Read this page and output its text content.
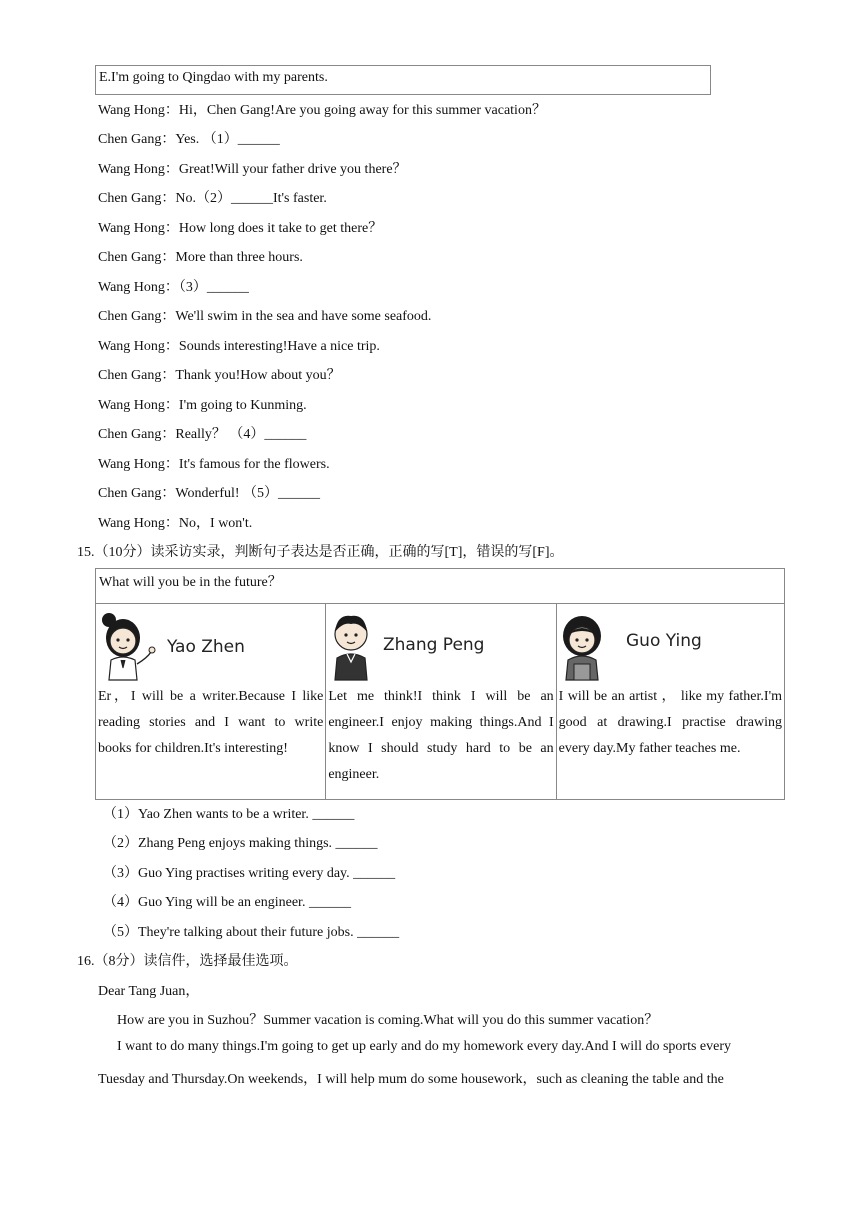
E.I'm going to Qingdao with my parents.
Wang Hong：Hi，Chen Gang!Are you going away for this summer vacation？
Chen Gang：Yes. （1）______
Wang Hong：Great!Will your father drive you there？
Chen Gang：No.（2）______It's faster.
Wang Hong：How long does it take to get there？
Chen Gang：More than three hours.
Wang Hong：（3）______
Chen Gang：We'll swim in the sea and have some seafood.
Wang Hong：Sounds interesting!Have a nice trip.
Chen Gang：Thank you!How about you？
Wang Hong：I'm going to Kunming.
Chen Gang：Really？ （4）______
Wang Hong：It's famous for the flowers.
Chen Gang：Wonderful! （5）______
Wang Hong：No，I won't.
15.（10分）读采访实录，判断句子表达是否正确，正确的写[T]，错误的写[F]。
What will you be in the future？

Yao Zhen
Er，I will be a writer.Because I like reading stories and I want to write books for children.It's interesting!

Zhang Peng
Let me think!I think I will be an engineer.I enjoy making things.And I know I should study hard to be an engineer.

Guo Ying
I will be an artist ， like my father.I'm good at drawing.I practise drawing every day.My father teaches me.
（1）Yao Zhen wants to be a writer. ______
（2）Zhang Peng enjoys making things. ______
（3）Guo Ying practises writing every day. ______
（4）Guo Ying will be an engineer. ______
（5）They're talking about their future jobs. ______
16.（8分）读信件，选择最佳选项。
Dear Tang Juan，
How are you in Suzhou？Summer vacation is coming.What will you do this summer vacation？
I want to do many things.I'm going to get up early and do my homework every day.And I will do sports every
Tuesday and Thursday.On weekends，I will help mum do some housework，such as cleaning the table and the
